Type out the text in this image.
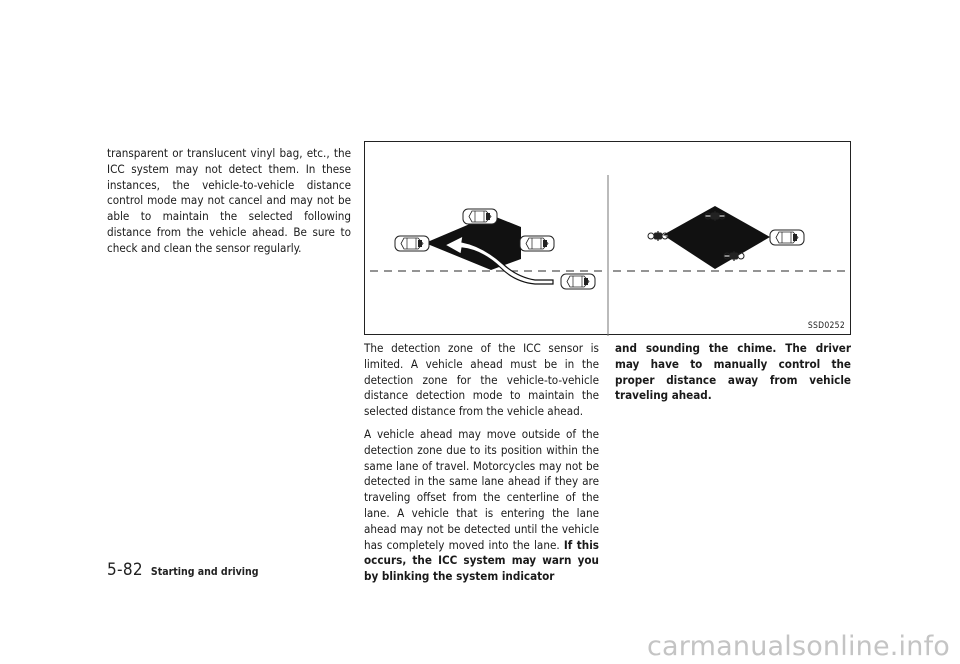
transparent or translucent vinyl bag, etc., the ICC system may not detect them. In these instances, the vehicle-to-vehicle distance control mode may not cancel and may not be able to maintain the selected following distance from the vehicle ahead. Be sure to check and clean the sensor regularly.

SSD0252

The detection zone of the ICC sensor is limited. A vehicle ahead must be in the detection zone for the vehicle-to-vehicle distance detection mode to maintain the selected distance from the vehicle ahead.

A vehicle ahead may move outside of the detection zone due to its position within the same lane of travel. Motorcycles may not be detected in the same lane ahead if they are traveling offset from the centerline of the lane. A vehicle that is entering the lane ahead may not be detected until the vehicle has completely moved into the lane. If this occurs, the ICC system may warn you by blinking the system indicator

and sounding the chime. The driver may have to manually control the proper distance away from vehicle traveling ahead.

5-82 Starting and driving
carmanualsonline.info
